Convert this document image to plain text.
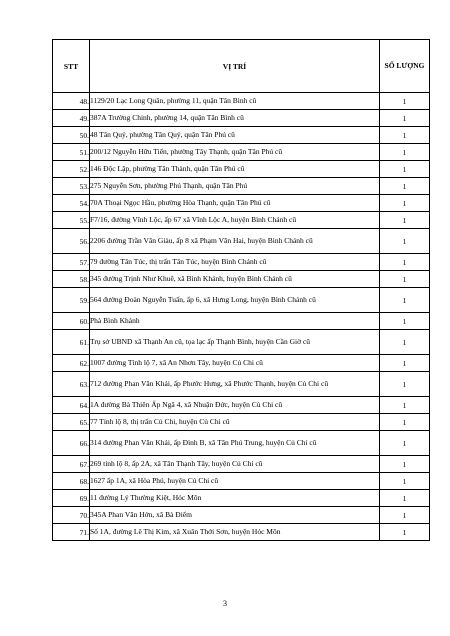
STT	VỊ TRÍ	SỐ LƯỢNG
48.	1129/20 Lạc Long Quân, phường 11, quận Tân Bình cũ	1
49.	387A Trường Chinh, phường 14, quận Tân Bình cũ	1
50.	48 Tân Quý, phường Tân Quý, quận Tân Phú cũ	1
51.	200/12 Nguyễn Hữu Tiến, phường Tây Thạnh, quận Tân Phú cũ	1
52.	146 Độc Lập, phường Tân Thành, quận Tân Phú cũ	1
53.	275 Nguyễn Sơn, phường Phú Thạnh, quận Tân Phú	1
54.	70A Thoại Ngọc Hầu, phường Hòa Thạnh, quận Tân Phú cũ	1
55.	F7/16, đường Vĩnh Lộc, ấp 67 xã Vĩnh Lộc A, huyện Bình Chánh cũ	1
56.	2206 đường Trần Văn Giàu, ấp 8 xã Phạm Văn Hai, huyện Bình Chánh cũ	1
57.	79 đường Tân Túc, thị trấn Tân Túc, huyện Bình Chánh cũ	1
58.	345 đường Trịnh Như Khuê, xã Bình Khánh, huyện Bình Chánh cũ	1
59.	564 đường Đoàn Nguyễn Tuấn, ấp 6, xã Hưng Long, huyện Bình Chánh cũ	1
60.	Phà Bình Khánh	1
61.	Trụ sở UBND xã Thạnh An cũ, tọa lạc ấp Thạnh Bình, huyện Cần Giờ cũ	1
62.	1007 đường Tỉnh lộ 7, xã An Nhơn Tây, huyện Củ Chi cũ	1
63.	712 đường Phan Văn Khải, ấp Phước Hưng, xã Phước Thạnh, huyện Củ Chi cũ	1
64.	1A đường Bà Thiên Ấp Ngã 4, xã Nhuận Đức, huyện Củ Chi cũ	1
65.	77 Tỉnh lộ 8, thị trấn Củ Chi, huyện Củ Chi cũ	1
66.	314 đường Phan Văn Khải, ấp Đình B, xã Tân Phú Trung, huyện Củ Chi cũ	1
67.	269 tỉnh lộ 8, ấp 2A, xã Tân Thạnh Tây, huyện Củ Chi cũ	1
68.	1627 ấp 1A, xã Hòa Phú, huyện Củ Chi cũ	1
69.	11 đường Lý Thường Kiệt, Hóc Môn	1
70.	345A Phan Văn Hớn, xã Bà Điểm	1
71.	Số 1A, đường Lê Thị Kim, xã Xuân Thới Sơn, huyện Hóc Môn	1
3
